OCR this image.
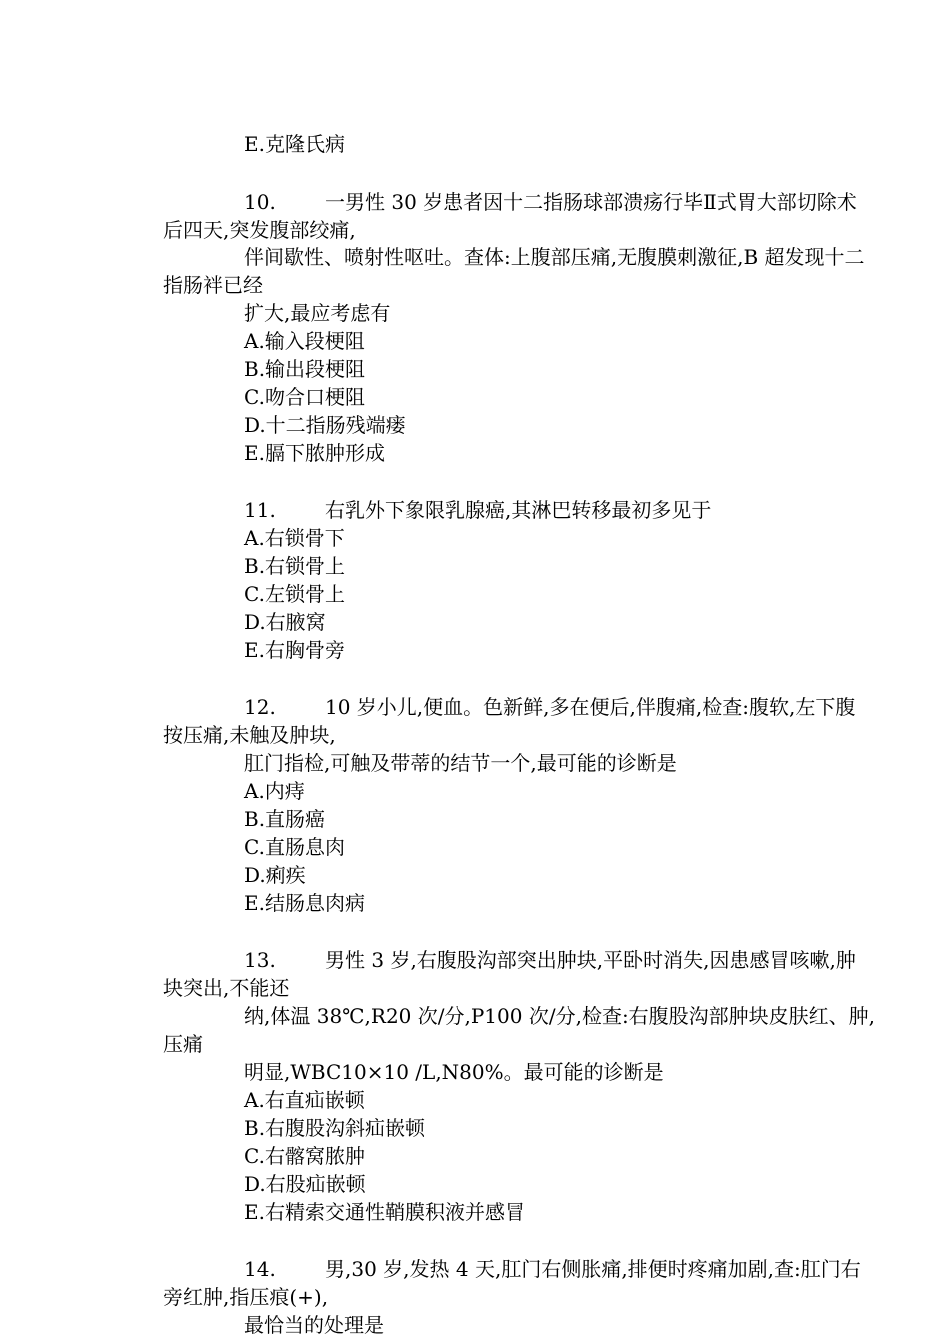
E.克隆氏病
10. 一男性 30 岁患者因十二指肠球部溃疡行毕Ⅱ式胃大部切除术
后四天,突发腹部绞痛,
伴间歇性、喷射性呕吐。查体:上腹部压痛,无腹膜刺激征,B 超发现十二
指肠袢已经
扩大,最应考虑有
A.输入段梗阻
B.输出段梗阻
C.吻合口梗阻
D.十二指肠残端瘘
E.膈下脓肿形成
11. 右乳外下象限乳腺癌,其淋巴转移最初多见于
A.右锁骨下
B.右锁骨上
C.左锁骨上
D.右腋窝
E.右胸骨旁
12. 10 岁小儿,便血。色新鲜,多在便后,伴腹痛,检查:腹软,左下腹
按压痛,未触及肿块,
肛门指检,可触及带蒂的结节一个,最可能的诊断是
A.内痔
B.直肠癌
C.直肠息肉
D.痢疾
E.结肠息肉病
13. 男性 3 岁,右腹股沟部突出肿块,平卧时消失,因患感冒咳嗽,肿
块突出,不能还
纳,体温 38℃,R20 次/分,P100 次/分,检查:右腹股沟部肿块皮肤红、肿,
压痛
明显,WBC10×10 /L,N80%。最可能的诊断是
A.右直疝嵌顿
B.右腹股沟斜疝嵌顿
C.右髂窝脓肿
D.右股疝嵌顿
E.右精索交通性鞘膜积液并感冒
14. 男,30 岁,发热 4 天,肛门右侧胀痛,排便时疼痛加剧,查:肛门右
旁红肿,指压痕(+),
最恰当的处理是
